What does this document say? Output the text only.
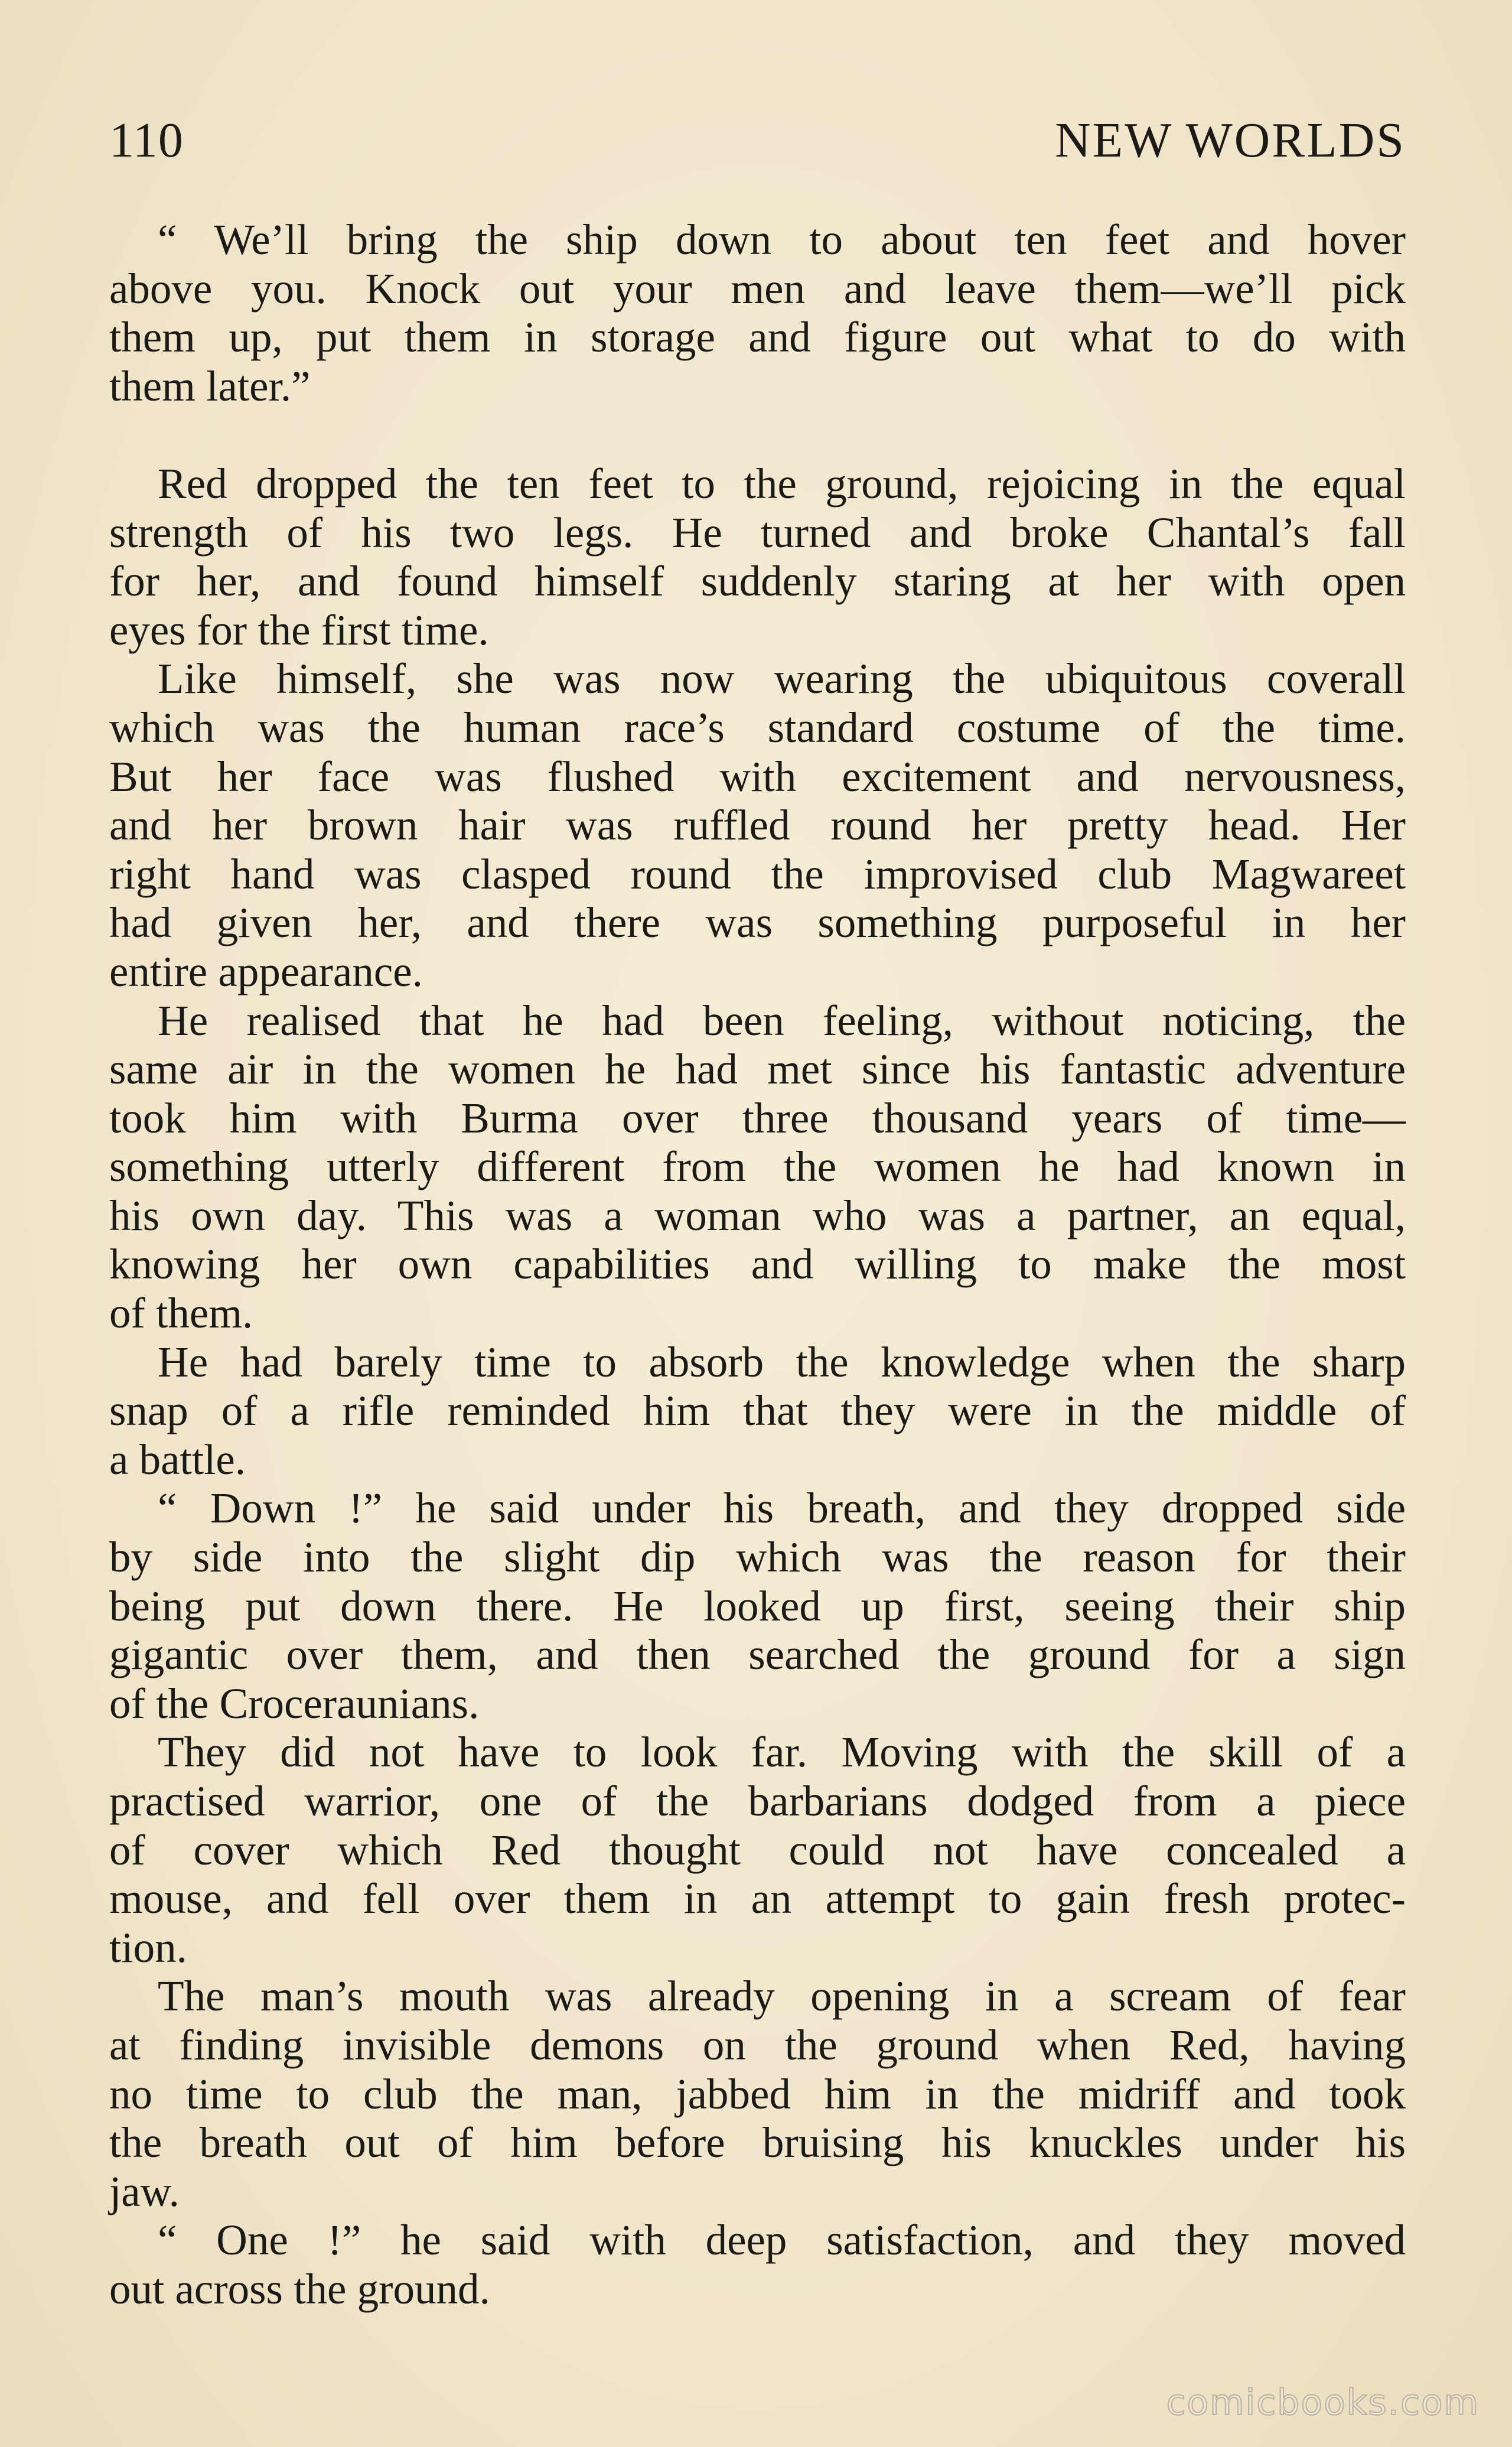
110	NEW WORLDS
“ We’ll bring the ship down to about ten feet and hover
above you. Knock out your men and leave them—we’ll pick
them up, put them in storage and figure out what to do with
them later.”
Red dropped the ten feet to the ground, rejoicing in the equal
strength of his two legs. He turned and broke Chantal’s fall
for her, and found himself suddenly staring at her with open
eyes for the first time.
Like himself, she was now wearing the ubiquitous coverall
which was the human race’s standard costume of the time.
But her face was flushed with excitement and nervousness,
and her brown hair was ruffled round her pretty head. Her
right hand was clasped round the improvised club Magwareet
had given her, and there was something purposeful in her
entire appearance.
He realised that he had been feeling, without noticing, the
same air in the women he had met since his fantastic adventure
took him with Burma over three thousand years of time—
something utterly different from the women he had known in
his own day. This was a woman who was a partner, an equal,
knowing her own capabilities and willing to make the most
of them.
He had barely time to absorb the knowledge when the sharp
snap of a rifle reminded him that they were in the middle of
a battle.
“ Down !” he said under his breath, and they dropped side
by side into the slight dip which was the reason for their
being put down there. He looked up first, seeing their ship
gigantic over them, and then searched the ground for a sign
of the Croceraunians.
They did not have to look far. Moving with the skill of a
practised warrior, one of the barbarians dodged from a piece
of cover which Red thought could not have concealed a
mouse, and fell over them in an attempt to gain fresh protec-
tion.
The man’s mouth was already opening in a scream of fear
at finding invisible demons on the ground when Red, having
no time to club the man, jabbed him in the midriff and took
the breath out of him before bruising his knuckles under his
jaw.
“ One !” he said with deep satisfaction, and they moved
out across the ground.
comicbooks.com
